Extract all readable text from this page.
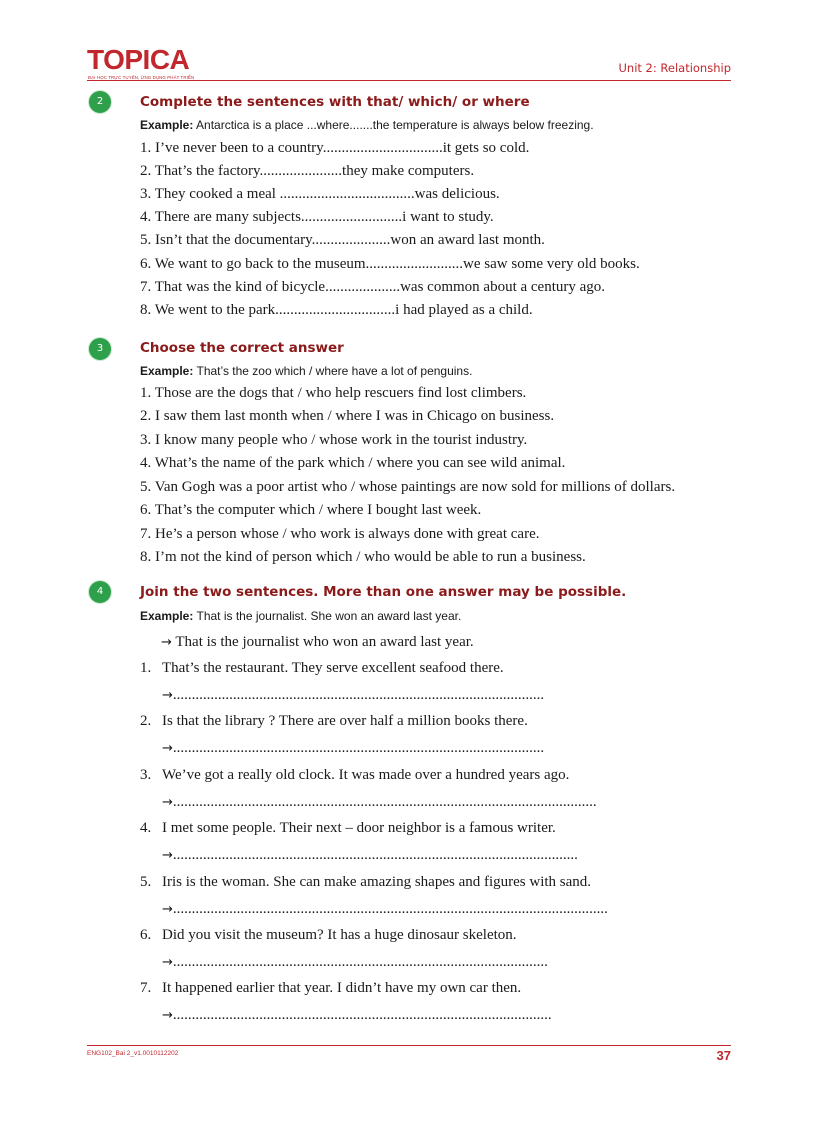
TOPICA
ĐẠI HỌC TRỰC TUYẾN, ỨNG DỤNG PHÁT TRIỂN
Unit 2: Relationship
2	Complete the sentences with that/ which/ or where
Example: Antarctica is a place ...where.......the temperature is always below freezing.
1. I’ve never been to a country................................it gets so cold.
2. That’s the factory......................they make computers.
3. They cooked a meal ....................................was delicious.
4. There are many subjects...........................i want to study.
5. Isn’t that the documentary.....................won an award last month.
6. We want to go back to the museum..........................we saw some very old books.
7. That was the kind of bicycle....................was common about a century ago.
8. We went to the park................................i had played as a child.
3	Choose the correct answer
Example: That’s the zoo which / where have a lot of penguins.
1. Those are the dogs that / who help rescuers find lost climbers.
2. I saw them last month when / where I was in Chicago on business.
3. I know many people who / whose work in the tourist industry.
4. What’s the name of the park which / where you can see wild animal.
5. Van Gogh was a poor artist who / whose paintings are now sold for millions of dollars.
6. That’s the computer which / where I bought last week.
7. He’s a person whose / who work is always done with great care.
8. I’m not the kind of person which / who would be able to run a business.
4	Join the two sentences. More than one answer may be possible.
Example: That is the journalist. She won an award last year.
→ That is the journalist who won an award last year.
1. That’s the restaurant. They serve excellent seafood there.
→...................................................................................................
2. Is that the library ? There are over half a million books there.
→...................................................................................................
3. We’ve got a really old clock. It was made over a hundred years ago.
→.................................................................................................................
4. I met some people. Their next – door neighbor is a famous writer.
→............................................................................................................
5. Iris is the woman. She can make amazing shapes and figures with sand.
→....................................................................................................................
6. Did you visit the museum? It has a huge dinosaur skeleton.
→....................................................................................................
7. It happened earlier that year. I didn’t have my own car then.
→.....................................................................................................
ENG102_Bai 2_v1.0010112202	37
